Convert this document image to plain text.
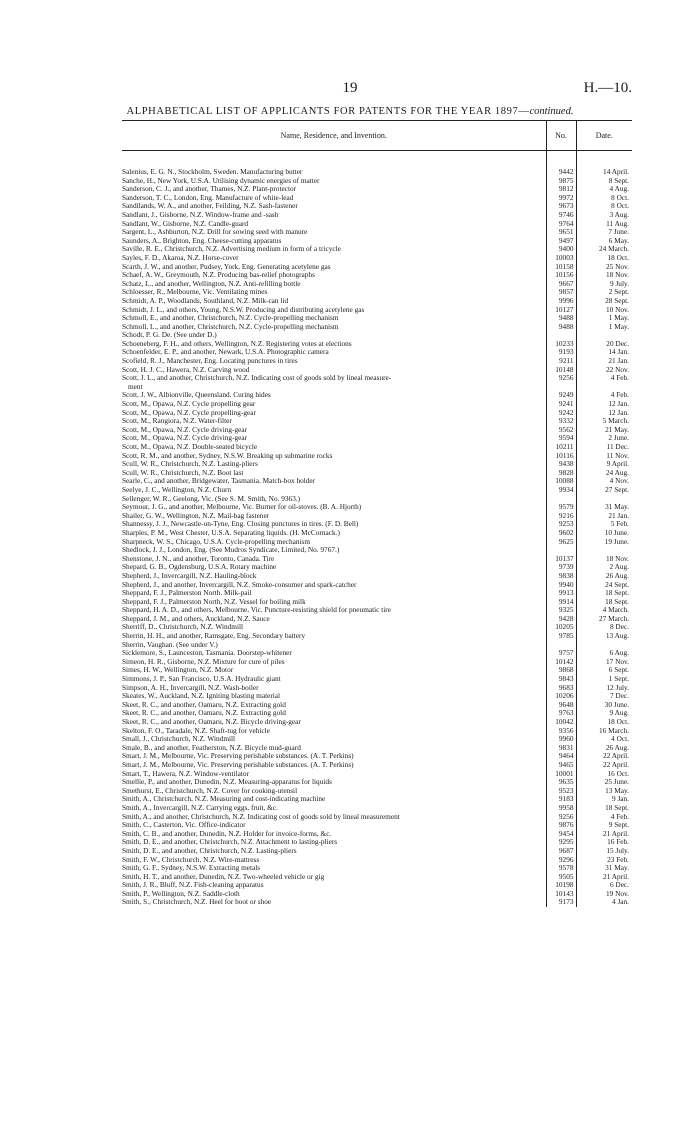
19	H.—10.
ALPHABETICAL LIST OF APPLICANTS FOR PATENTS FOR THE YEAR 1897—continued.
Name, Residence, and Invention.	No.	Date.

Salenius, E. G. N., Stockholm, Sweden. Manufacturing butter	9442	14 April.
Sanche, H., New York, U.S.A. Utilising dynamic energies of matter	9875	8 Sept.
Sanderson, C. J., and another, Thames, N.Z. Plant-protector	9812	4 Aug.
Sanderson, T. C., London, Eng. Manufacture of white-lead	9972	8 Oct.
Sandilands, W. A., and another, Feilding, N.Z. Sash-fastener	9673	8 Oct.
Sandlant, J., Gisborne, N.Z. Window-frame and -sash	9746	3 Aug.
Sandlant, W., Gisborne, N.Z. Candle-guard	9764	11 Aug.
Sargent, L., Ashburton, N.Z. Drill for sowing seed with manure	9651	7 June.
Saunders, A., Brighton, Eng. Cheese-cutting apparatus	9497	6 May.
Saville, R. E., Christchurch, N.Z. Advertising medium in form of a tricycle	9400	24 March.
Sayles, F. D., Akaroa, N.Z. Horse-cover	10003	18 Oct.
Scarth, J. W., and another, Pudsey, York, Eng. Generating acetylene gas	10158	25 Nov.
Schaef, A. W., Greymouth, N.Z. Producing bas-relief photographs	10156	18 Nov.
Schatz, L., and another, Wellington, N.Z. Anti-refilling bottle	9667	9 July.
Schloesser, R., Melbourne, Vic. Ventilating mines	9857	2 Sept.
Schmidt, A. P., Woodlands, Southland, N.Z. Milk-can lid	9996	28 Sept.
Schmidt, J. L., and others, Young, N.S.W. Producing and distributing acetylene gas	10127	10 Nov.
Schmoll, E., and another, Christchurch, N.Z. Cycle-propelling mechanism	9488	1 May.
Schmoll, L., and another, Christchurch, N.Z. Cycle-propelling mechanism	9488	1 May.
Schodt, P. G. De. (See under D.)		
Schoeneberg, F. H., and others, Wellington, N.Z. Registering votes at elections	10233	20 Dec.
Schoenfelder, E. P., and another, Newark, U.S.A. Photographic camera	9193	14 Jan.
Scofield, R. J., Manchester, Eng. Locating punctures in tires	9211	21 Jan.
Scott, H. J. C., Hawera, N.Z. Carving wood	10148	22 Nov.
Scott, J. L., and another, Christchurch, N.Z. Indicating cost of goods sold by lineal measure-	9256	4 Feb.
ment		
Scott, J. W., Albionville, Queensland. Curing hides	9249	4 Feb.
Scott, M., Opawa, N.Z. Cycle propelling gear	9241	12 Jan.
Scott, M., Opawa, N.Z. Cycle propelling-gear	9242	12 Jan.
Scott, M., Rangiora, N.Z. Water-filter	9332	5 March.
Scott, M., Opawa, N.Z. Cycle driving-gear	9562	21 May.
Scott, M., Opawa, N.Z. Cycle driving-gear	9594	2 June.
Scott, M., Opawa, N.Z. Double-seated bicycle	10211	11 Dec.
Scott, R. M., and another, Sydney, N.S.W. Breaking up submarine rocks	10116	11 Nov.
Scull, W. R., Christchurch, N.Z. Lasting-pliers	9438	9 April.
Scull, W. R., Christchurch, N.Z. Boot last	9828	24 Aug.
Searle, C., and another, Bridgewater, Tasmania. Match-box holder	10088	4 Nov.
Seelye, J. C., Wellington, N.Z. Churn	9934	27 Sept.
Sellenger, W. R., Geelong, Vic. (See S. M. Smith, No. 9363.)		
Seymour, J. G., and another, Melbourne, Vic. Burner for oil-stoves. (B. A. Hjorth)	9579	31 May.
Shailer, G. W., Wellington, N.Z. Mail-bag fastener	9216	21 Jan.
Shannessy, J. J., Newcastle-on-Tyne, Eng. Closing punctures in tires. (F. D. Bell)	9253	5 Feb.
Sharples, P. M., West Chester, U.S.A. Separating liquids. (H. McCornack.)	9602	10 June.
Sharpneck, W. S., Chicago, U.S.A. Cycle-propelling mechanism	9625	19 June.
Shedlock, J. J., London, Eng. (See Mudros Syndicate, Limited, No. 9767.)		
Shenstone, J. N., and another, Toronto, Canada. Tire	10137	18 Nov.
Shepard, G. B., Ogdensburg, U.S.A. Rotary machine	9739	2 Aug.
Shepherd, J., Invercargill, N.Z. Hauling-block	9838	26 Aug.
Shepherd, J., and another, Invercargill, N.Z. Smoke-consumer and spark-catcher	9940	24 Sept.
Sheppard, F. J., Palmerston North. Milk-pail	9913	18 Sept.
Sheppard, F. J., Palmerston North, N.Z. Vessel for boiling milk	9914	18 Sept.
Sheppard, H. A. D., and others, Melbourne, Vic. Puncture-resisting shield for pneumatic tire	9325	4 March.
Sheppard, J. M., and others, Auckland, N.Z. Sauce	9428	27 March.
Sherriff, D., Christchurch, N.Z. Windmill	10205	8 Dec.
Sherrin, H. H., and another, Ramsgate, Eng. Secondary battery	9785	13 Aug.
Sherrin, Vaughan. (See under V.)		
Sicklemore, S., Launceston, Tasmania. Doorstep-whitener	9757	6 Aug.
Simeon, H. R., Gisborne, N.Z. Mixture for cure of piles	10142	17 Nov.
Simes, H. W., Wellington, N.Z. Motor	9868	6 Sept.
Simmons, J. P., San Francisco, U.S.A. Hydraulic giant	9843	1 Sept.
Simpson, A. H., Invercargill, N.Z. Wash-boiler	9683	12 July.
Skeates, W., Auckland, N.Z. Igniting blasting material	10206	7 Dec.
Skeet, R. C., and another, Oamaru, N.Z. Extracting gold	9648	30 June.
Skeet, R. C., and another, Oamaru, N.Z. Extracting gold	9763	9 Aug.
Skeet, R. C., and another, Oamaru, N.Z. Bicycle driving-gear	10042	18 Oct.
Skelton, F. O., Taradale, N.Z. Shaft-tug for vehicle	9356	16 March.
Small, J., Christchurch, N.Z. Windmill	9960	4 Oct.
Smale, B., and another, Featherston, N.Z. Bicycle mud-guard	9831	26 Aug.
Smart, J. M., Melbourne, Vic. Preserving perishable substances. (A. T. Perkins)	9464	22 April.
Smart, J. M., Melbourne, Vic. Preserving perishable substances. (A. T. Perkins)	9465	22 April.
Smart, T., Hawera, N.Z. Window-ventilator	10001	16 Oct.
Smellie, P., and another, Dunedin, N.Z. Measuring-apparatus for liquids	9635	25 June.
Smethurst, E., Christchurch, N.Z. Cover for cooking-utensil	9523	13 May.
Smith, A., Christchurch, N.Z. Measuring and cost-indicating machine	9183	9 Jan.
Smith, A., Invercargill, N.Z. Carrying eggs, fruit, &c.	9958	18 Sept.
Smith, A., and another, Christchurch, N.Z. Indicating cost of goods sold by lineal measurement	9256	4 Feb.
Smith, C., Casterton, Vic. Office-indicator	9876	9 Sept.
Smith, C. B., and another, Dunedin, N.Z. Holder for invoice-forms, &c.	9454	21 April.
Smith, D. E., and another, Christchurch, N.Z. Attachment to lasting-pliers	9295	16 Feb.
Smith, D. E., and another, Christchurch, N.Z. Lasting-pliers	9687	15 July.
Smith, F. W., Christchurch, N.Z. Wire-mattress	9296	23 Feb.
Smith, G. F., Sydney, N.S.W. Extracting metals	9578	31 May.
Smith, H. T., and another, Dunedin, N.Z. Two-wheeled vehicle or gig	9505	21 April.
Smith, J. R., Bluff, N.Z. Fish-cleaning apparatus	10198	6 Dec.
Smith, P., Wellington, N.Z. Saddle-cloth	10143	19 Nov.
Smith, S., Christchurch, N.Z. Heel for boot or shoe	9173	4 Jan.
